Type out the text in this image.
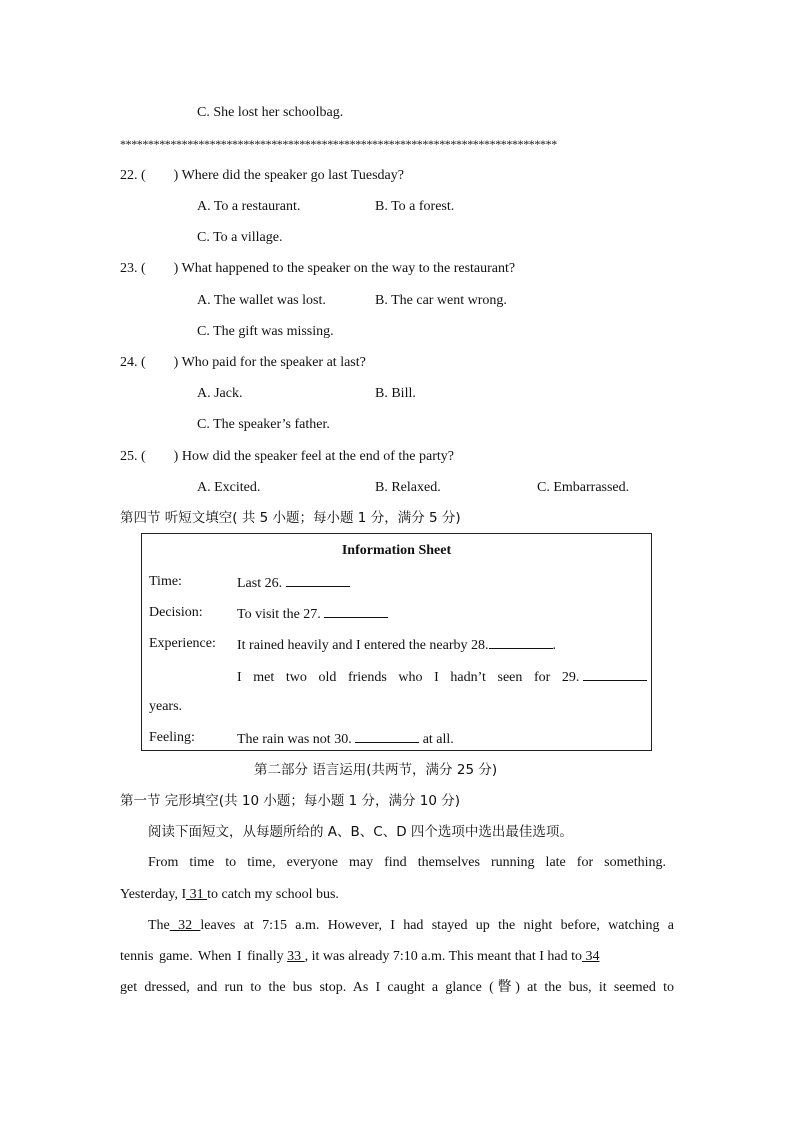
C. She lost her schoolbag.
******************************************************************************
22. ( ) Where did the speaker go last Tuesday?
A. To a restaurant.	B. To a forest.
C. To a village.
23. ( ) What happened to the speaker on the way to the restaurant?
A. The wallet was lost.	B. The car went wrong.
C. The gift was missing.
24. ( ) Who paid for the speaker at last?
A. Jack.	B. Bill.
C. The speaker’s father.
25. ( ) How did the speaker feel at the end of the party?
A. Excited.	B. Relaxed.	C. Embarrassed.
第四节 听短文填空( 共 5 小题；每小题 1 分，满分 5 分)
Information Sheet
Time:	Last 26.
Decision: To visit the 27.
Experience: It rained heavily and I entered the nearby 28.	.
I met two old friends who I hadn’t seen for 29.
years.
Feeling:	The rain was not 30.	at all.
第二部分 语言运用(共两节，满分 25 分)
第一节 完形填空(共 10 小题；每小题 1 分，满分 10 分)
阅读下面短文，从每题所给的 A、B、C、D 四个选项中选出最佳选项。
From time to time, everyone may find themselves running late for something.
Yesterday, I 31 to catch my school bus.
The 32 leaves at 7:15 a.m. However, I had stayed up the night before, watching a
tennis game. When I finally 33 , it was already 7:10 a.m. This meant that I had to 34
get dressed, and run to the bus stop. As I caught a glance (瞥) at the bus, it seemed to
